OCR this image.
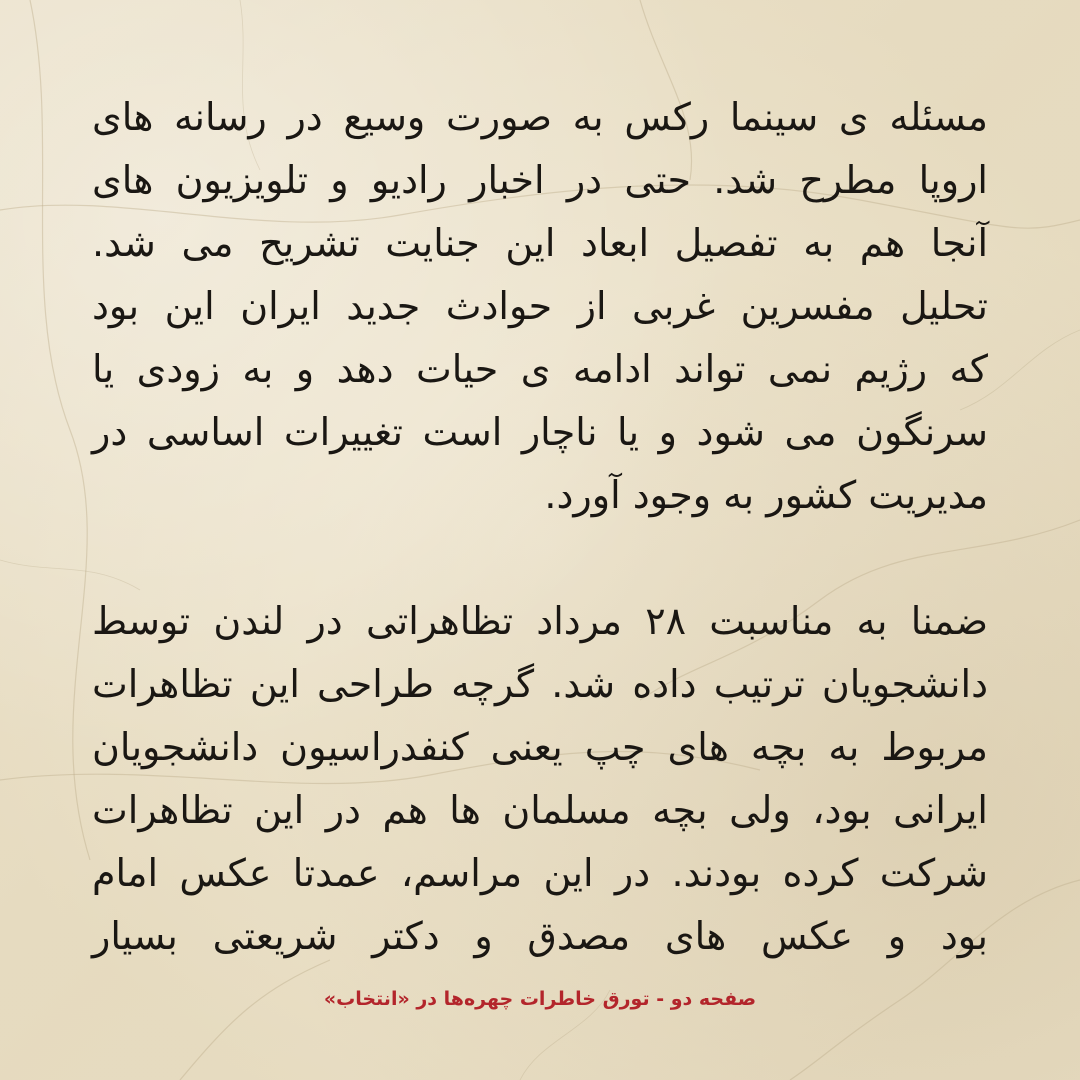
مسئله ی سینما رکس به صورت وسیع در رسانه های
اروپا مطرح شد. حتی در اخبار رادیو و تلویزیون های
آنجا هم به تفصیل ابعاد این جنایت تشریح می شد.
تحلیل مفسرین غربی از حوادث جدید ایران این بود
که رژیم نمی تواند ادامه ی حیات دهد و به زودی یا
سرنگون می شود و یا ناچار است تغییرات اساسی در
مدیریت کشور به وجود آورد.
ضمنا به مناسبت ۲۸ مرداد تظاهراتی در لندن توسط
دانشجویان ترتیب داده شد. گرچه طراحی این تظاهرات
مربوط به بچه های چپ یعنی کنفدراسیون دانشجویان
ایرانی بود، ولی بچه مسلمان ها هم در این تظاهرات
شرکت کرده بودند. در این مراسم، عمدتا عکس امام
بود و عکس های مصدق و دکتر شریعتی بسیار
صفحه دو - تورق خاطرات چهره‌ها در «انتخاب»
